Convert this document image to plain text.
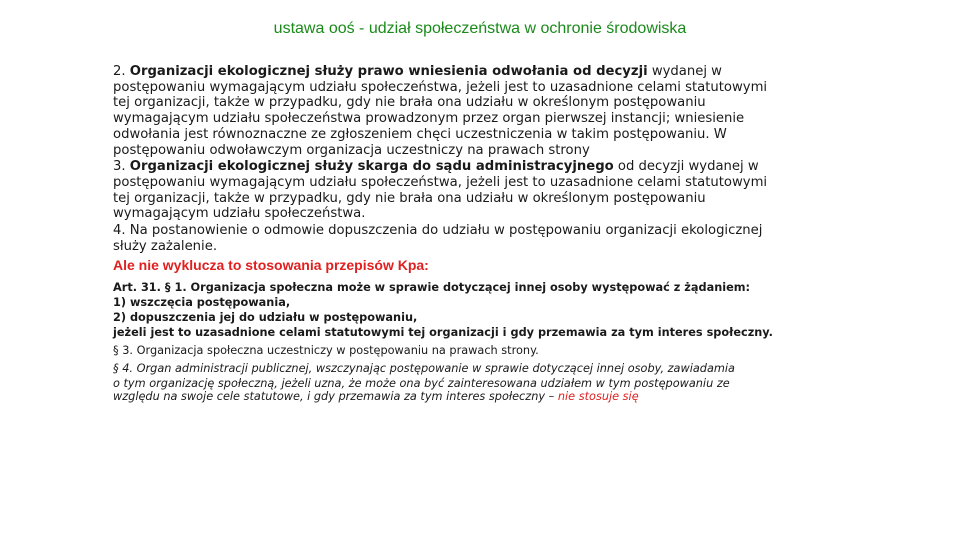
ustawa ooś - udział społeczeństwa w ochronie środowiska

2. Organizacji ekologicznej służy prawo wniesienia odwołania od decyzji wydanej w
postępowaniu wymagającym udziału społeczeństwa, jeżeli jest to uzasadnione celami statutowymi
tej organizacji, także w przypadku, gdy nie brała ona udziału w określonym postępowaniu
wymagającym udziału społeczeństwa prowadzonym przez organ pierwszej instancji; wniesienie
odwołania jest równoznaczne ze zgłoszeniem chęci uczestniczenia w takim postępowaniu. W
postępowaniu odwoławczym organizacja uczestniczy na prawach strony

3. Organizacji ekologicznej służy skarga do sądu administracyjnego od decyzji wydanej w
postępowaniu wymagającym udziału społeczeństwa, jeżeli jest to uzasadnione celami statutowymi
tej organizacji, także w przypadku, gdy nie brała ona udziału w określonym postępowaniu
wymagającym udziału społeczeństwa.

4. Na postanowienie o odmowie dopuszczenia do udziału w postępowaniu organizacji ekologicznej
służy zażalenie.

Ale nie wyklucza to stosowania przepisów Kpa:

Art. 31. § 1. Organizacja społeczna może w sprawie dotyczącej innej osoby występować z żądaniem:
1) wszczęcia postępowania,
2) dopuszczenia jej do udziału w postępowaniu,
jeżeli jest to uzasadnione celami statutowymi tej organizacji i gdy przemawia za tym interes społeczny.

§ 3. Organizacja społeczna uczestniczy w postępowaniu na prawach strony.

§ 4. Organ administracji publicznej, wszczynając postępowanie w sprawie dotyczącej innej osoby, zawiadamia
o tym organizację społeczną, jeżeli uzna, że może ona być zainteresowana udziałem w tym postępowaniu ze
względu na swoje cele statutowe, i gdy przemawia za tym interes społeczny – nie stosuje się
